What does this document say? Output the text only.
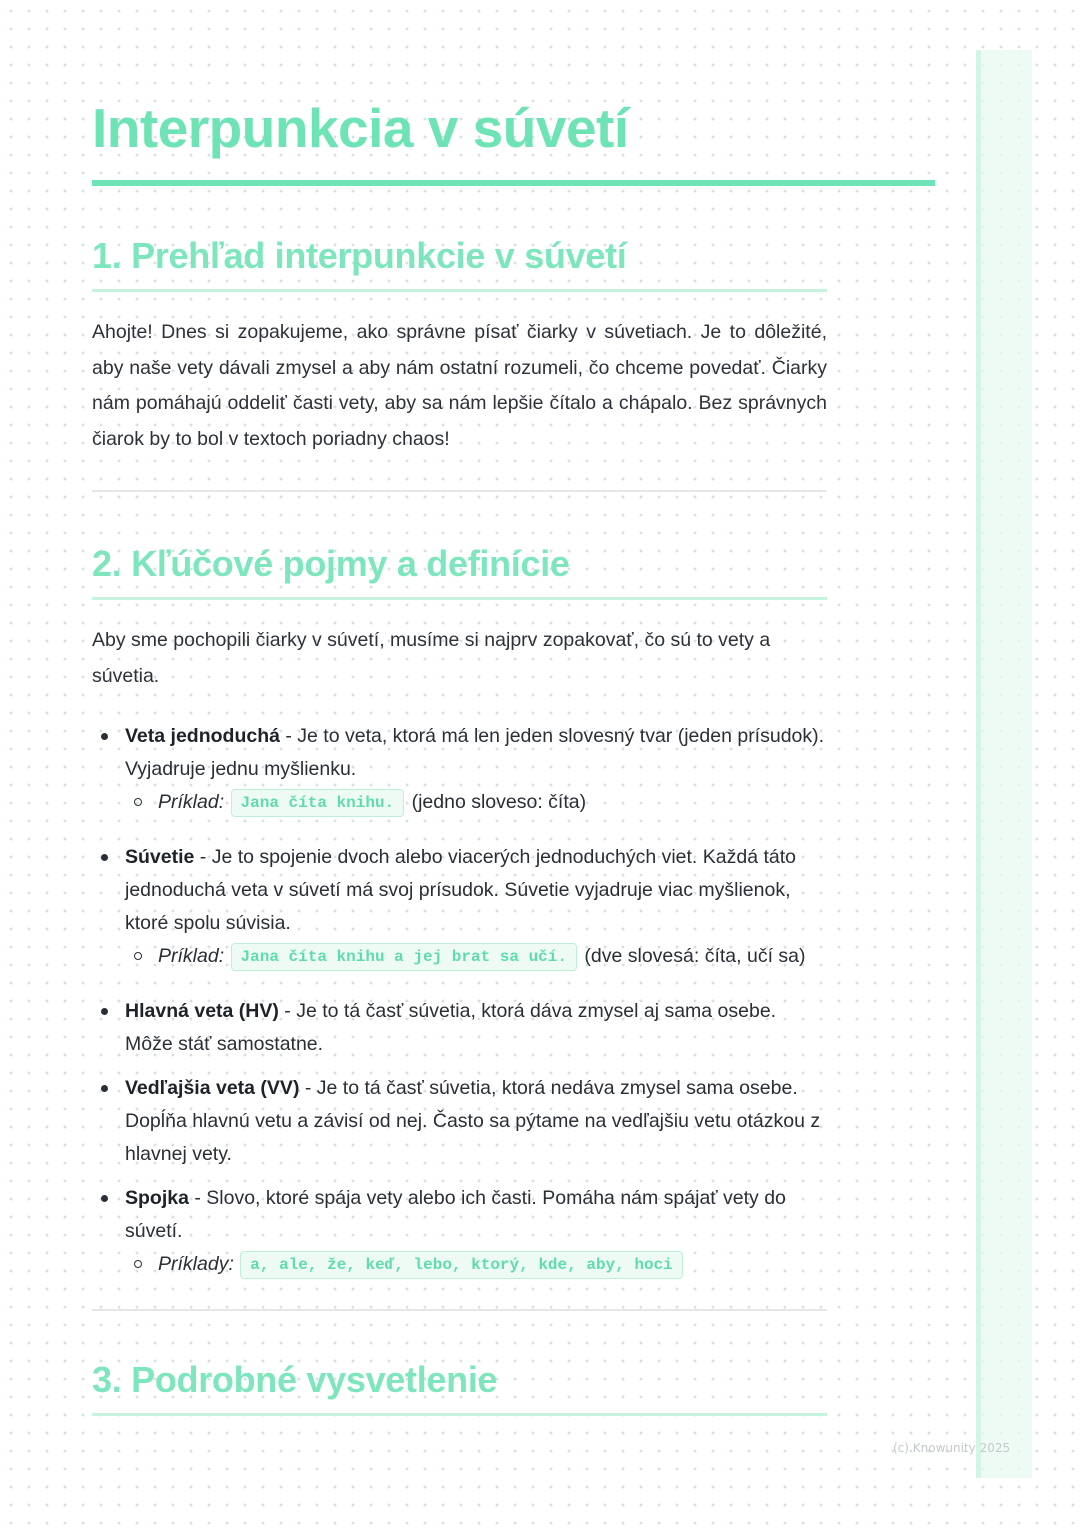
Interpunkcia v súvetí
1. Prehľad interpunkcie v súvetí

Ahojte! Dnes si zopakujeme, ako správne písať čiarky v súvetiach. Je to dôležité, aby naše vety dávali zmysel a aby nám ostatní rozumeli, čo chceme povedať. Čiarky nám pomáhajú oddeliť časti vety, aby sa nám lepšie čítalo a chápalo. Bez správnych čiarok by to bol v textoch poriadny chaos!

2. Kľúčové pojmy a definície

Aby sme pochopili čiarky v súvetí, musíme si najprv zopakovať, čo sú to vety a súvetia.

Veta jednoduchá - Je to veta, ktorá má len jeden slovesný tvar (jeden prísudok). Vyjadruje jednu myšlienku.
Príklad: Jana číta knihu. (jedno sloveso: číta)
Súvetie - Je to spojenie dvoch alebo viacerých jednoduchých viet. Každá táto jednoduchá veta v súvetí má svoj prísudok. Súvetie vyjadruje viac myšlienok, ktoré spolu súvisia.
Príklad: Jana číta knihu a jej brat sa učí. (dve slovesá: číta, učí sa)
Hlavná veta (HV) - Je to tá časť súvetia, ktorá dáva zmysel aj sama osebe. Môže stáť samostatne.
Vedľajšia veta (VV) - Je to tá časť súvetia, ktorá nedáva zmysel sama osebe. Dopĺňa hlavnú vetu a závisí od nej. Často sa pýtame na vedľajšiu vetu otázkou z hlavnej vety.
Spojka - Slovo, ktoré spája vety alebo ich časti. Pomáha nám spájať vety do súvetí.
Príklady: a, ale, že, keď, lebo, ktorý, kde, aby, hoci
3. Podrobné vysvetlenie
(c) Knowunity 2025
